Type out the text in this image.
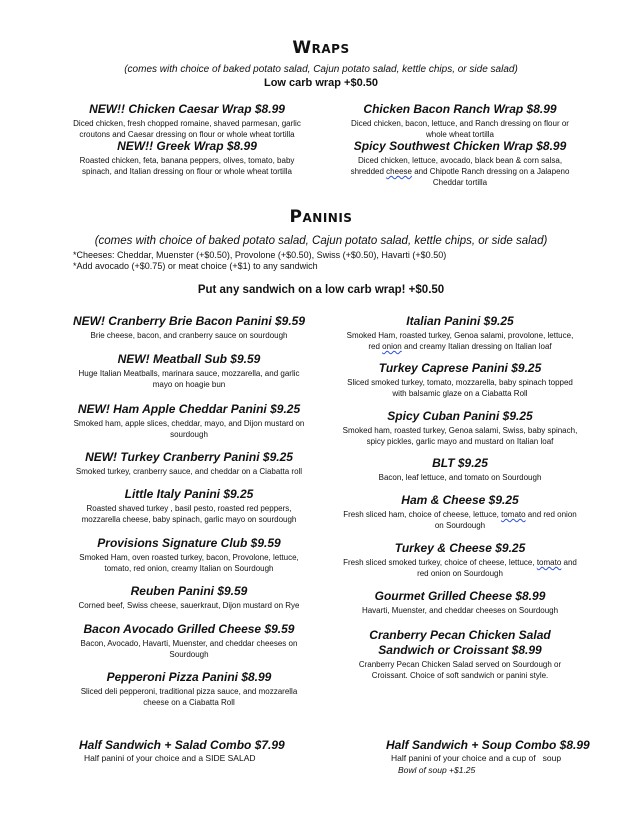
Wraps
(comes with choice of baked potato salad, Cajun potato salad, kettle chips, or side salad)
Low carb wrap +$0.50
NEW!! Chicken Caesar Wrap $8.99
Diced chicken, fresh chopped romaine, shaved parmesan, garlic croutons and Caesar dressing on flour or whole wheat tortilla
NEW!! Greek Wrap $8.99
Roasted chicken, feta, banana peppers, olives, tomato, baby spinach, and Italian dressing on flour or whole wheat tortilla
Chicken Bacon Ranch Wrap $8.99
Diced chicken, bacon, lettuce, and Ranch dressing on flour or whole wheat tortilla
Spicy Southwest Chicken Wrap $8.99
Diced chicken, lettuce, avocado, black bean & corn salsa, shredded cheese and Chipotle Ranch dressing on a Jalapeno Cheddar tortilla
Paninis
(comes with choice of baked potato salad, Cajun potato salad, kettle chips, or side salad)
*Cheeses: Cheddar, Muenster (+$0.50), Provolone (+$0.50), Swiss (+$0.50), Havarti (+$0.50)
*Add avocado (+$0.75) or meat choice (+$1) to any sandwich
Put any sandwich on a low carb wrap! +$0.50
NEW! Cranberry Brie Bacon Panini $9.59
Brie cheese, bacon, and cranberry sauce on sourdough
NEW! Meatball Sub $9.59
Huge Italian Meatballs, marinara sauce, mozzarella, and garlic mayo on hoagie bun
NEW! Ham Apple Cheddar Panini $9.25
Smoked ham, apple slices, cheddar, mayo, and Dijon mustard on sourdough
NEW! Turkey Cranberry Panini $9.25
Smoked turkey, cranberry sauce, and cheddar on a Ciabatta roll
Little Italy Panini $9.25
Roasted shaved turkey , basil pesto, roasted red peppers, mozzarella cheese, baby spinach, garlic mayo on sourdough
Provisions Signature Club $9.59
Smoked Ham, oven roasted turkey, bacon, Provolone, lettuce, tomato, red onion, creamy Italian on Sourdough
Reuben Panini $9.59
Corned beef, Swiss cheese, sauerkraut, Dijon mustard on Rye
Bacon Avocado Grilled Cheese $9.59
Bacon, Avocado, Havarti, Muenster, and cheddar cheeses on Sourdough
Pepperoni Pizza Panini $8.99
Sliced deli pepperoni, traditional pizza sauce, and mozzarella cheese on a Ciabatta Roll
Italian Panini $9.25
Smoked Ham, roasted turkey, Genoa salami, provolone, lettuce, red onion and creamy Italian dressing on Italian loaf
Turkey Caprese Panini $9.25
Sliced smoked turkey, tomato, mozzarella, baby spinach topped with balsamic glaze on a Ciabatta Roll
Spicy Cuban Panini $9.25
Smoked ham, roasted turkey, Genoa salami, Swiss, baby spinach, spicy pickles, garlic mayo and mustard on Italian loaf
BLT $9.25
Bacon, leaf lettuce, and tomato on Sourdough
Ham & Cheese $9.25
Fresh sliced ham, choice of cheese, lettuce, tomato and red onion on Sourdough
Turkey & Cheese $9.25
Fresh sliced smoked turkey, choice of cheese, lettuce, tomato and red onion on Sourdough
Gourmet Grilled Cheese $8.99
Havarti, Muenster, and cheddar cheeses on Sourdough
Cranberry Pecan Chicken Salad Sandwich or Croissant $8.99
Cranberry Pecan Chicken Salad served on Sourdough or Croissant. Choice of soft sandwich or panini style.
Half Sandwich + Salad Combo $7.99
Half panini of your choice and a SIDE SALAD
Half Sandwich + Soup Combo $8.99
Half panini of your choice and a cup of   soup
Bowl of soup +$1.25
